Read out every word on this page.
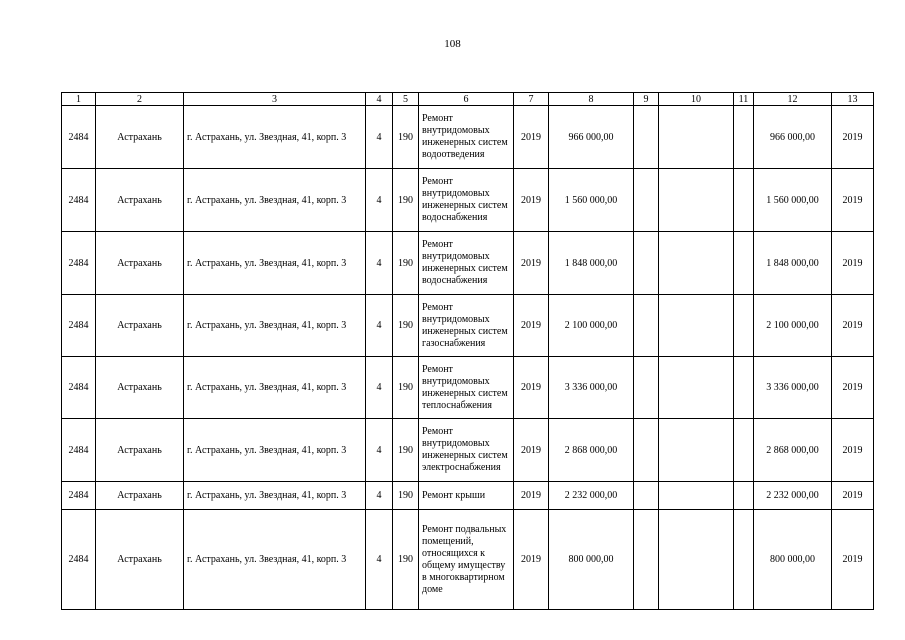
108
1	2	3	4	5	6	7	8	9	10	11	12	13
2484	Астрахань	г. Астрахань, ул. Звездная, 41, корп. 3	4	190	Ремонт внутридомовых инженерных систем водоотведения	2019	966 000,00				966 000,00	2019
2484	Астрахань	г. Астрахань, ул. Звездная, 41, корп. 3	4	190	Ремонт внутридомовых инженерных систем водоснабжения	2019	1 560 000,00				1 560 000,00	2019
2484	Астрахань	г. Астрахань, ул. Звездная, 41, корп. 3	4	190	Ремонт внутридомовых инженерных систем водоснабжения	2019	1 848 000,00				1 848 000,00	2019
2484	Астрахань	г. Астрахань, ул. Звездная, 41, корп. 3	4	190	Ремонт внутридомовых инженерных систем газоснабжения	2019	2 100 000,00				2 100 000,00	2019
2484	Астрахань	г. Астрахань, ул. Звездная, 41, корп. 3	4	190	Ремонт внутридомовых инженерных систем теплоснабжения	2019	3 336 000,00				3 336 000,00	2019
2484	Астрахань	г. Астрахань, ул. Звездная, 41, корп. 3	4	190	Ремонт внутридомовых инженерных систем электроснабжения	2019	2 868 000,00				2 868 000,00	2019
2484	Астрахань	г. Астрахань, ул. Звездная, 41, корп. 3	4	190	Ремонт крыши	2019	2 232 000,00				2 232 000,00	2019
2484	Астрахань	г. Астрахань, ул. Звездная, 41, корп. 3	4	190	Ремонт подвальных помещений, относящихся к общему имуществу в многоквартирном доме	2019	800 000,00				800 000,00	2019
